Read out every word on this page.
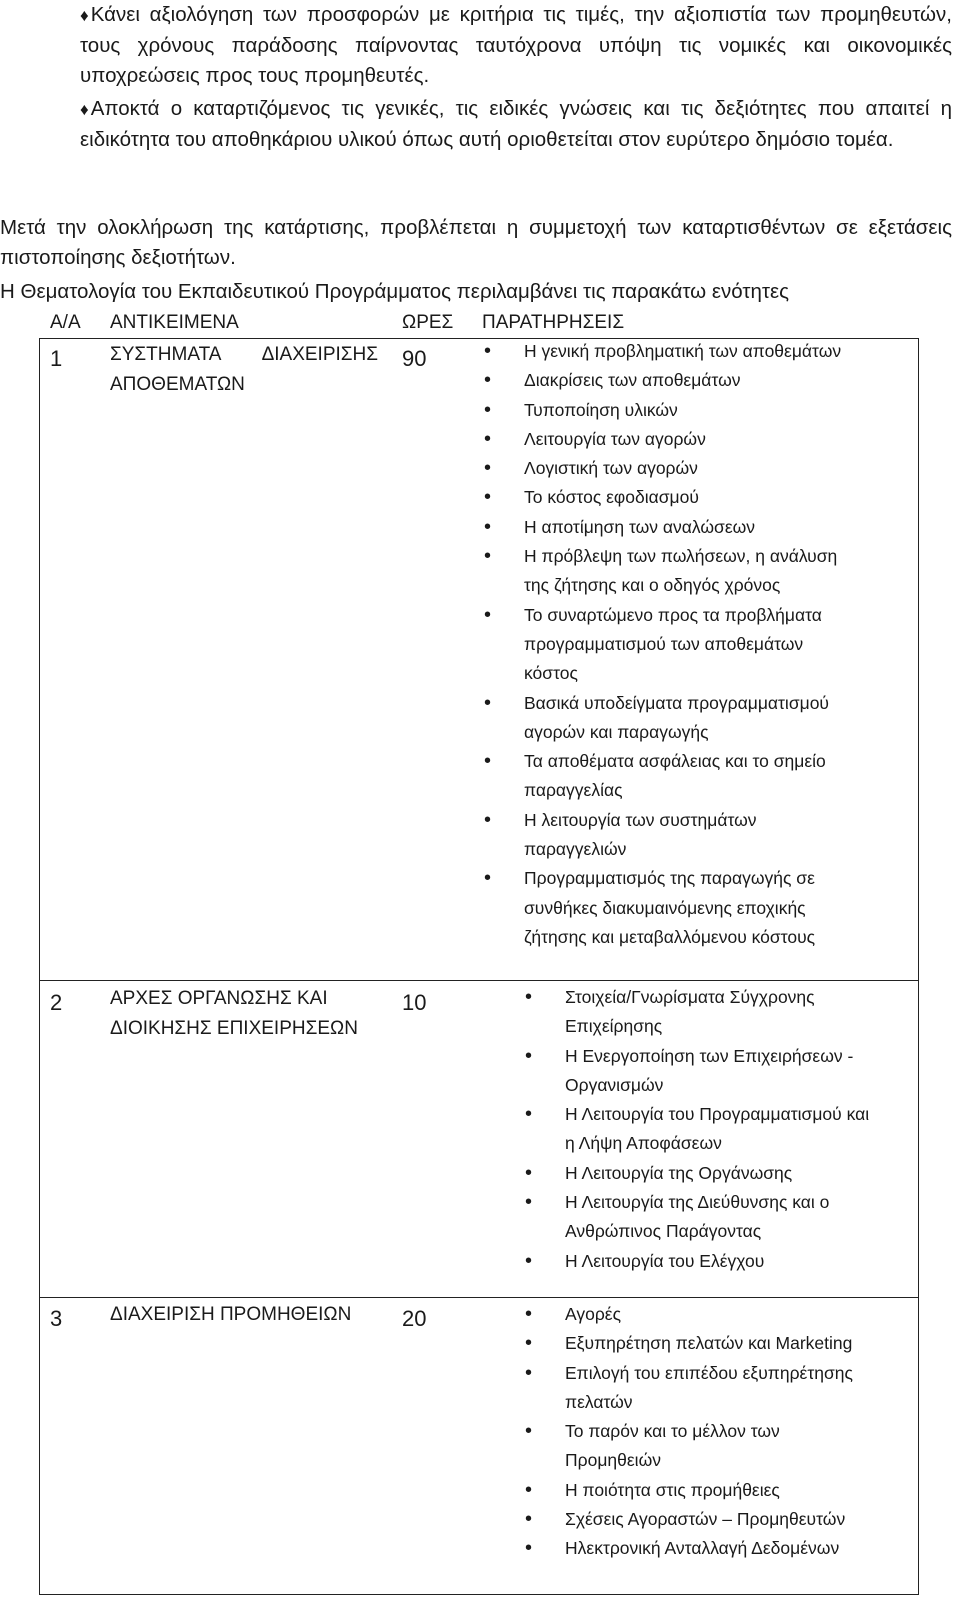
♦Κάνει αξιολόγηση των προσφορών με κριτήρια τις τιμές, την αξιοπιστία των προμηθευτών, τους χρόνους παράδοσης παίρνοντας ταυτόχρονα υπόψη τις νομικές και οικονομικές υποχρεώσεις προς τους προμηθευτές.
♦Αποκτά ο καταρτιζόμενος τις γενικές, τις ειδικές γνώσεις και τις δεξιότητες που απαιτεί η ειδικότητα του αποθηκάριου υλικού όπως αυτή οριοθετείται στον ευρύτερο δημόσιο τομέα.
Μετά την ολοκλήρωση της κατάρτισης, προβλέπεται η συμμετοχή των καταρτισθέντων σε εξετάσεις πιστοποίησης δεξιοτήτων.
Η Θεματολογία του Εκπαιδευτικού Προγράμματος περιλαμβάνει τις παρακάτω ενότητες
Α/Α ΑΝΤΙΚΕΙΜΕΝΑ	ΩΡΕΣ ΠΑΡΑΤΗΡΗΣΕΙΣ
1	ΣΥΣΤΗΜΑΤΑ ΔΙΑΧΕΙΡΙΣΗΣ
ΑΠΟΘΕΜΑΤΩΝ
90	• Η γενική προβληματική των αποθεμάτων
• Διακρίσεις των αποθεμάτων
• Τυποποίηση υλικών
• Λειτουργία των αγορών
• Λογιστική των αγορών
• Το κόστος εφοδιασμού
• Η αποτίμηση των αναλώσεων
• Η πρόβλεψη των πωλήσεων, η ανάλυση της ζήτησης και ο οδηγός χρόνος
• Το συναρτώμενο προς τα προβλήματα προγραμματισμού των αποθεμάτων κόστος
• Βασικά υποδείγματα προγραμματισμού αγορών και παραγωγής
• Τα αποθέματα ασφάλειας και το σημείο παραγγελίας
• Η λειτουργία των συστημάτων παραγγελιών
• Προγραμματισμός της παραγωγής σε συνθήκες διακυμαινόμενης εποχικής ζήτησης και μεταβαλλόμενου κόστους
2	ΑΡΧΕΣ ΟΡΓΑΝΩΣΗΣ ΚΑΙ
ΔΙΟΙΚΗΣΗΣ ΕΠΙΧΕΙΡΗΣΕΩΝ
10	• Στοιχεία/Γνωρίσματα Σύγχρονης Επιχείρησης
• Η Ενεργοποίηση των Επιχειρήσεων - Οργανισμών
• Η Λειτουργία του Προγραμματισμού και η Λήψη Αποφάσεων
• Η Λειτουργία της Οργάνωσης
• Η Λειτουργία της Διεύθυνσης και ο Ανθρώπινος Παράγοντας
• Η Λειτουργία του Ελέγχου
3	ΔΙΑΧΕΙΡΙΣΗ ΠΡΟΜΗΘΕΙΩΝ	20	• Αγορές
• Εξυπηρέτηση πελατών και Marketing
• Επιλογή του επιπέδου εξυπηρέτησης πελατών
• Το παρόν και το μέλλον των Προμηθειών
• Η ποιότητα στις προμήθειες
• Σχέσεις Αγοραστών – Προμηθευτών
• Ηλεκτρονική Ανταλλαγή Δεδομένων
